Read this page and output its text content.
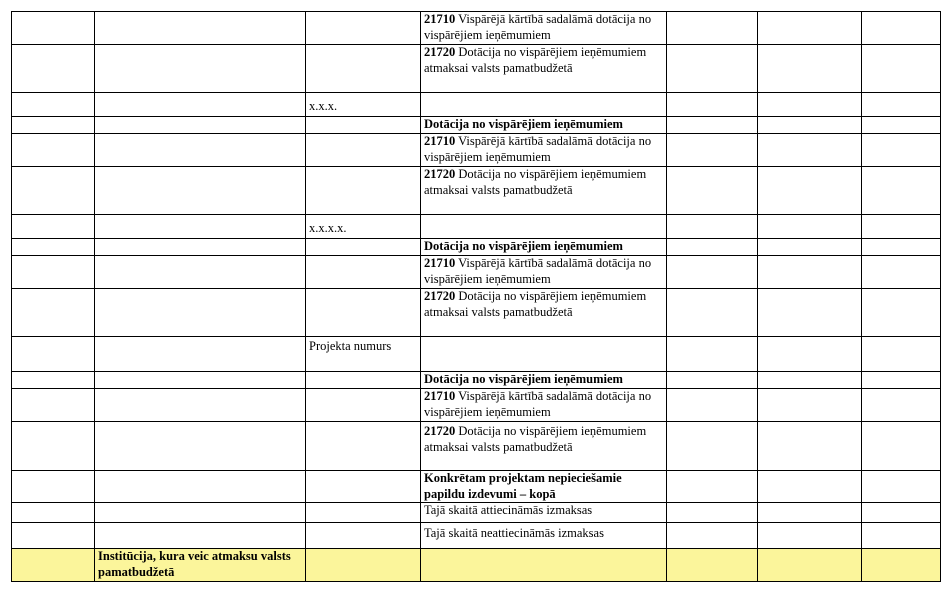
			21710 Vispārējā kārtībā sadalāmā dotācija no vispārējiem ieņēmumiem			
			21720 Dotācija no vispārējiem ieņēmumiem atmaksai valsts pamatbudžetā			
		x.x.x.				
			Dotācija no vispārējiem ieņēmumiem			
			21710 Vispārējā kārtībā sadalāmā dotācija no vispārējiem ieņēmumiem			
			21720 Dotācija no vispārējiem ieņēmumiem atmaksai valsts pamatbudžetā			
		x.x.x.x.				
			Dotācija no vispārējiem ieņēmumiem			
			21710 Vispārējā kārtībā sadalāmā dotācija no vispārējiem ieņēmumiem			
			21720 Dotācija no vispārējiem ieņēmumiem atmaksai valsts pamatbudžetā			
		Projekta numurs				
			Dotācija no vispārējiem ieņēmumiem			
			21710 Vispārējā kārtībā sadalāmā dotācija no vispārējiem ieņēmumiem			
			21720 Dotācija no vispārējiem ieņēmumiem atmaksai valsts pamatbudžetā			
			Konkrētam projektam nepieciešamie papildu izdevumi – kopā			
			Tajā skaitā attiecināmās izmaksas			
			Tajā skaitā neattiecināmās izmaksas			
	Institūcija, kura veic atmaksu valsts pamatbudžetā					
